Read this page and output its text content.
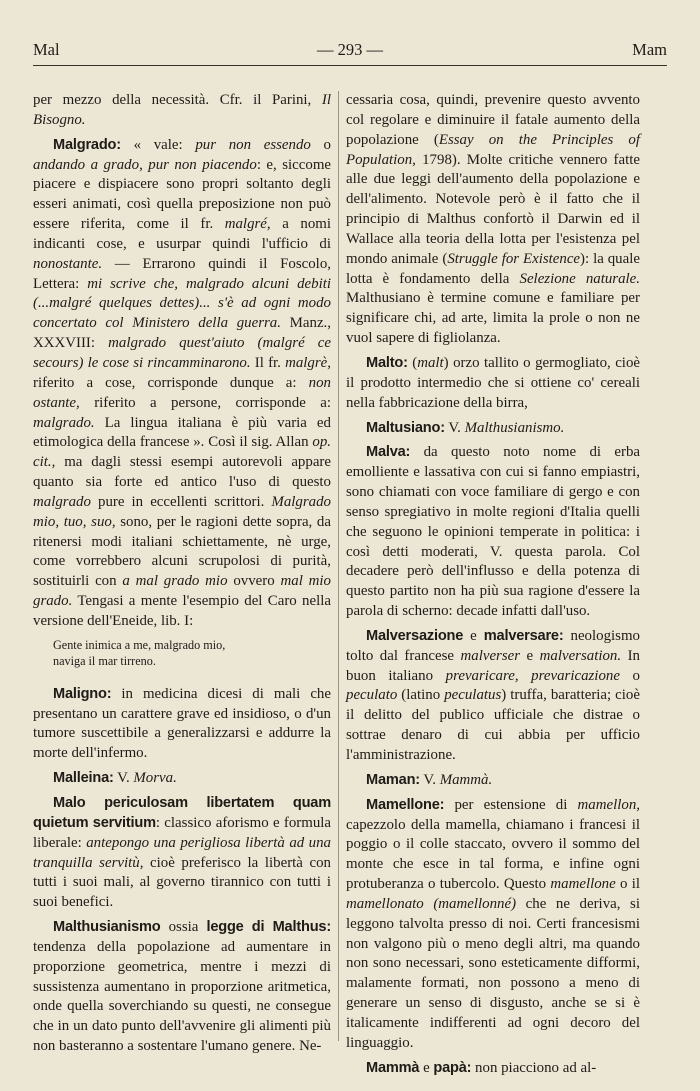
Mal	— 293 —	Mam

per mezzo della necessità. Cfr. il Parini, Il Bisogno.

Malgrado: « vale: pur non essendo o andando a grado, pur non piacendo: e, siccome piacere e dispiacere sono propri soltanto degli esseri animati, così quella preposizione non può essere riferita, come il fr. malgré, a nomi indicanti cose, e usurpar quindi l'ufficio di nonostante. — Errarono quindi il Foscolo, Lettera: mi scrive che, malgrado alcuni debiti (...malgré quelques dettes)... s'è ad ogni modo concertato col Ministero della guerra. Manz., XXXVIII: malgrado quest'aiuto (malgré ce secours) le cose si rincamminarono. Il fr. malgrè, riferito a cose, corrisponde dunque a: non ostante, riferito a persone, corrisponde a: malgrado. La lingua italiana è più varia ed etimologica della francese ». Così il sig. Allan op. cit., ma dagli stessi esempi autorevoli appare quanto sia forte ed antico l'uso di questo malgrado pure in eccellenti scrittori. Malgrado mio, tuo, suo, sono, per le ragioni dette sopra, da ritenersi modi italiani schiettamente, nè urge, come vorrebbero alcuni scrupolosi di purità, sostituirli con a mal grado mio ovvero mal mio grado. Tengasi a mente l'esempio del Caro nella versione dell'Eneide, lib. I:

Gente inimica a me, malgrado mio,
naviga il mar tirreno.

Maligno: in medicina dicesi di mali che presentano un carattere grave ed insidioso, o d'un tumore suscettibile a generalizzarsi e addurre la morte dell'infermo.

Malleina: V. Morva.

Malo periculosam libertatem quam quietum servitium: classico aforismo e formula liberale: antepongo una perigliosa libertà ad una tranquilla servitù, cioè preferisco la libertà con tutti i suoi mali, al governo tirannico con tutti i suoi benefici.

Malthusianismo ossia legge di Malthus: tendenza della popolazione ad aumentare in proporzione geometrica, mentre i mezzi di sussistenza aumentano in proporzione aritmetica, onde quella soverchiando su questi, ne consegue che in un dato punto dell'avvenire gli alimenti più non basteranno a sostentare l'umano genere. Ne-

cessaria cosa, quindi, prevenire questo avvento col regolare e diminuire il fatale aumento della popolazione (Essay on the Principles of Population, 1798). Molte critiche vennero fatte alle due leggi dell'aumento della popolazione e dell'alimento. Notevole però è il fatto che il principio di Malthus confortò il Darwin ed il Wallace alla teoria della lotta per l'esistenza pel mondo animale (Struggle for Existence): la quale lotta è fondamento della Selezione naturale. Malthusiano è termine comune e familiare per significare chi, ad arte, limita la prole o non ne vuol sapere di figliolanza.

Malto: (malt) orzo tallito o germogliato, cioè il prodotto intermedio che si ottiene co' cereali nella fabbricazione della birra,

Maltusiano: V. Malthusianismo.

Malva: da questo noto nome di erba emolliente e lassativa con cui si fanno empiastri, sono chiamati con voce familiare di gergo e con senso spregiativo in molte regioni d'Italia quelli che seguono le opinioni temperate in politica: i così detti moderati, V. questa parola. Col decadere però dell'influsso e della potenza di questo partito non ha più sua ragione d'essere la parola di scherno: decade infatti dall'uso.

Malversazione e malversare: neologismo tolto dal francese malverser e malversation. In buon italiano prevaricare, prevaricazione o peculato (latino peculatus) truffa, baratteria; cioè il delitto del publico ufficiale che distrae o sottrae denaro di cui abbia per ufficio l'amministrazione.

Maman: V. Mammà.

Mamellone: per estensione di mamellon, capezzolo della mamella, chiamano i francesi il poggio o il colle staccato, ovvero il sommo del monte che esce in tal forma, e infine ogni protuberanza o tubercolo. Questo mamellone o il mamellonato (mamellonné) che ne deriva, si leggono talvolta presso di noi. Certi francesismi non valgono più o meno degli altri, ma quando non sono necessari, sono esteticamente difformi, malamente formati, non possono a meno di generare un senso di disgusto, anche se si è italicamente indifferenti ad ogni decoro del linguaggio.

Mammà e papà: non piacciono ad al-
